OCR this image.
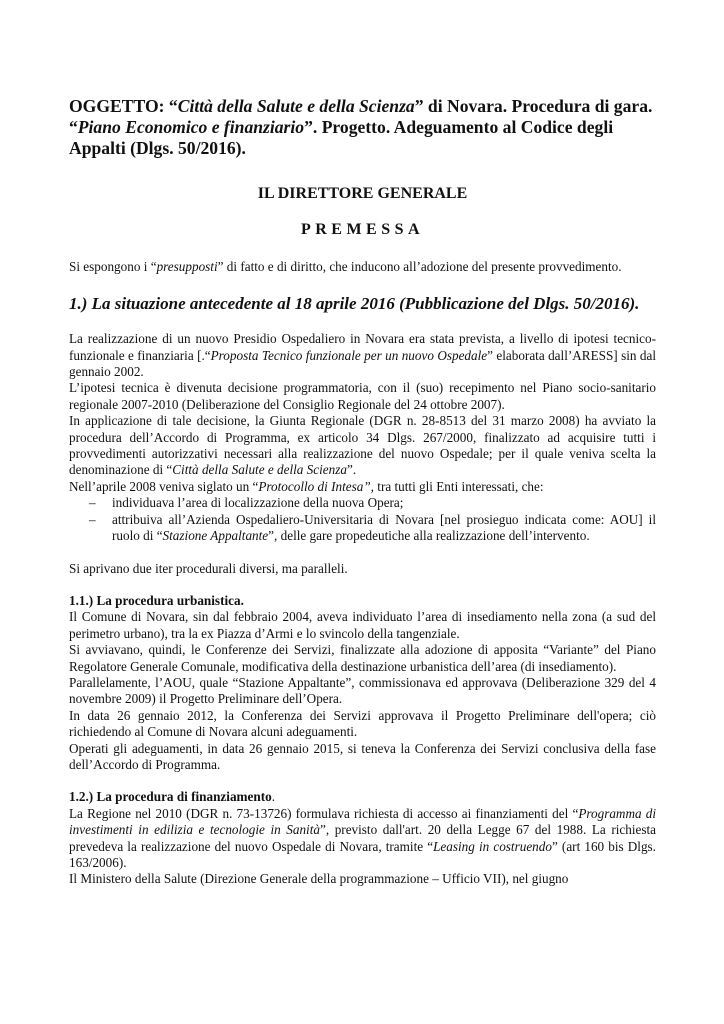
OGGETTO: “Città della Salute e della Scienza” di Novara. Procedura di gara. “Piano Economico e finanziario”. Progetto. Adeguamento al Codice degli Appalti (Dlgs. 50/2016).

IL DIRETTORE GENERALE

PREMESSA

Si espongono i “presupposti” di fatto e di diritto, che inducono all’adozione del presente provvedimento.

1.) La situazione antecedente al 18 aprile 2016 (Pubblicazione del Dlgs. 50/2016).

La realizzazione di un nuovo Presidio Ospedaliero in Novara era stata prevista, a livello di ipotesi tecnico-funzionale e finanziaria [.“Proposta Tecnico funzionale per un nuovo Ospedale” elaborata dall’ARESS] sin dal gennaio 2002.

L’ipotesi tecnica è divenuta decisione programmatoria, con il (suo) recepimento nel Piano socio-sanitario regionale 2007-2010 (Deliberazione del Consiglio Regionale del 24 ottobre 2007).

In applicazione di tale decisione, la Giunta Regionale (DGR n. 28-8513 del 31 marzo 2008) ha avviato la procedura dell’Accordo di Programma, ex articolo 34 Dlgs. 267/2000, finalizzato ad acquisire tutti i provvedimenti autorizzativi necessari alla realizzazione del nuovo Ospedale; per il quale veniva scelta la denominazione di “Città della Salute e della Scienza”.

Nell’aprile 2008 veniva siglato un “Protocollo di Intesa”, tra tutti gli Enti interessati, che:

– individuava l’area di localizzazione della nuova Opera;
– attribuiva all’Azienda Ospedaliero-Universitaria di Novara [nel prosieguo indicata come: AOU] il ruolo di “Stazione Appaltante”, delle gare propedeutiche alla realizzazione dell’intervento.

Si aprivano due iter procedurali diversi, ma paralleli.

1.1.) La procedura urbanistica.

Il Comune di Novara, sin dal febbraio 2004, aveva individuato l’area di insediamento nella zona (a sud del perimetro urbano), tra la ex Piazza d’Armi e lo svincolo della tangenziale.

Si avviavano, quindi, le Conferenze dei Servizi, finalizzate alla adozione di apposita “Variante” del Piano Regolatore Generale Comunale, modificativa della destinazione urbanistica dell’area (di insediamento).

Parallelamente, l’AOU, quale “Stazione Appaltante”, commissionava ed approvava (Deliberazione 329 del 4 novembre 2009) il Progetto Preliminare dell’Opera.

In data 26 gennaio 2012, la Conferenza dei Servizi approvava il Progetto Preliminare dell'opera; ciò richiedendo al Comune di Novara alcuni adeguamenti.

Operati gli adeguamenti, in data 26 gennaio 2015, si teneva la Conferenza dei Servizi conclusiva della fase dell’Accordo di Programma.

1.2.) La procedura di finanziamento.

La Regione nel 2010 (DGR n. 73-13726) formulava richiesta di accesso ai finanziamenti del “Programma di investimenti in edilizia e tecnologie in Sanità”, previsto dall'art. 20 della Legge 67 del 1988. La richiesta prevedeva la realizzazione del nuovo Ospedale di Novara, tramite “Leasing in costruendo” (art 160 bis Dlgs. 163/2006).

Il Ministero della Salute (Direzione Generale della programmazione – Ufficio VII), nel giugno
